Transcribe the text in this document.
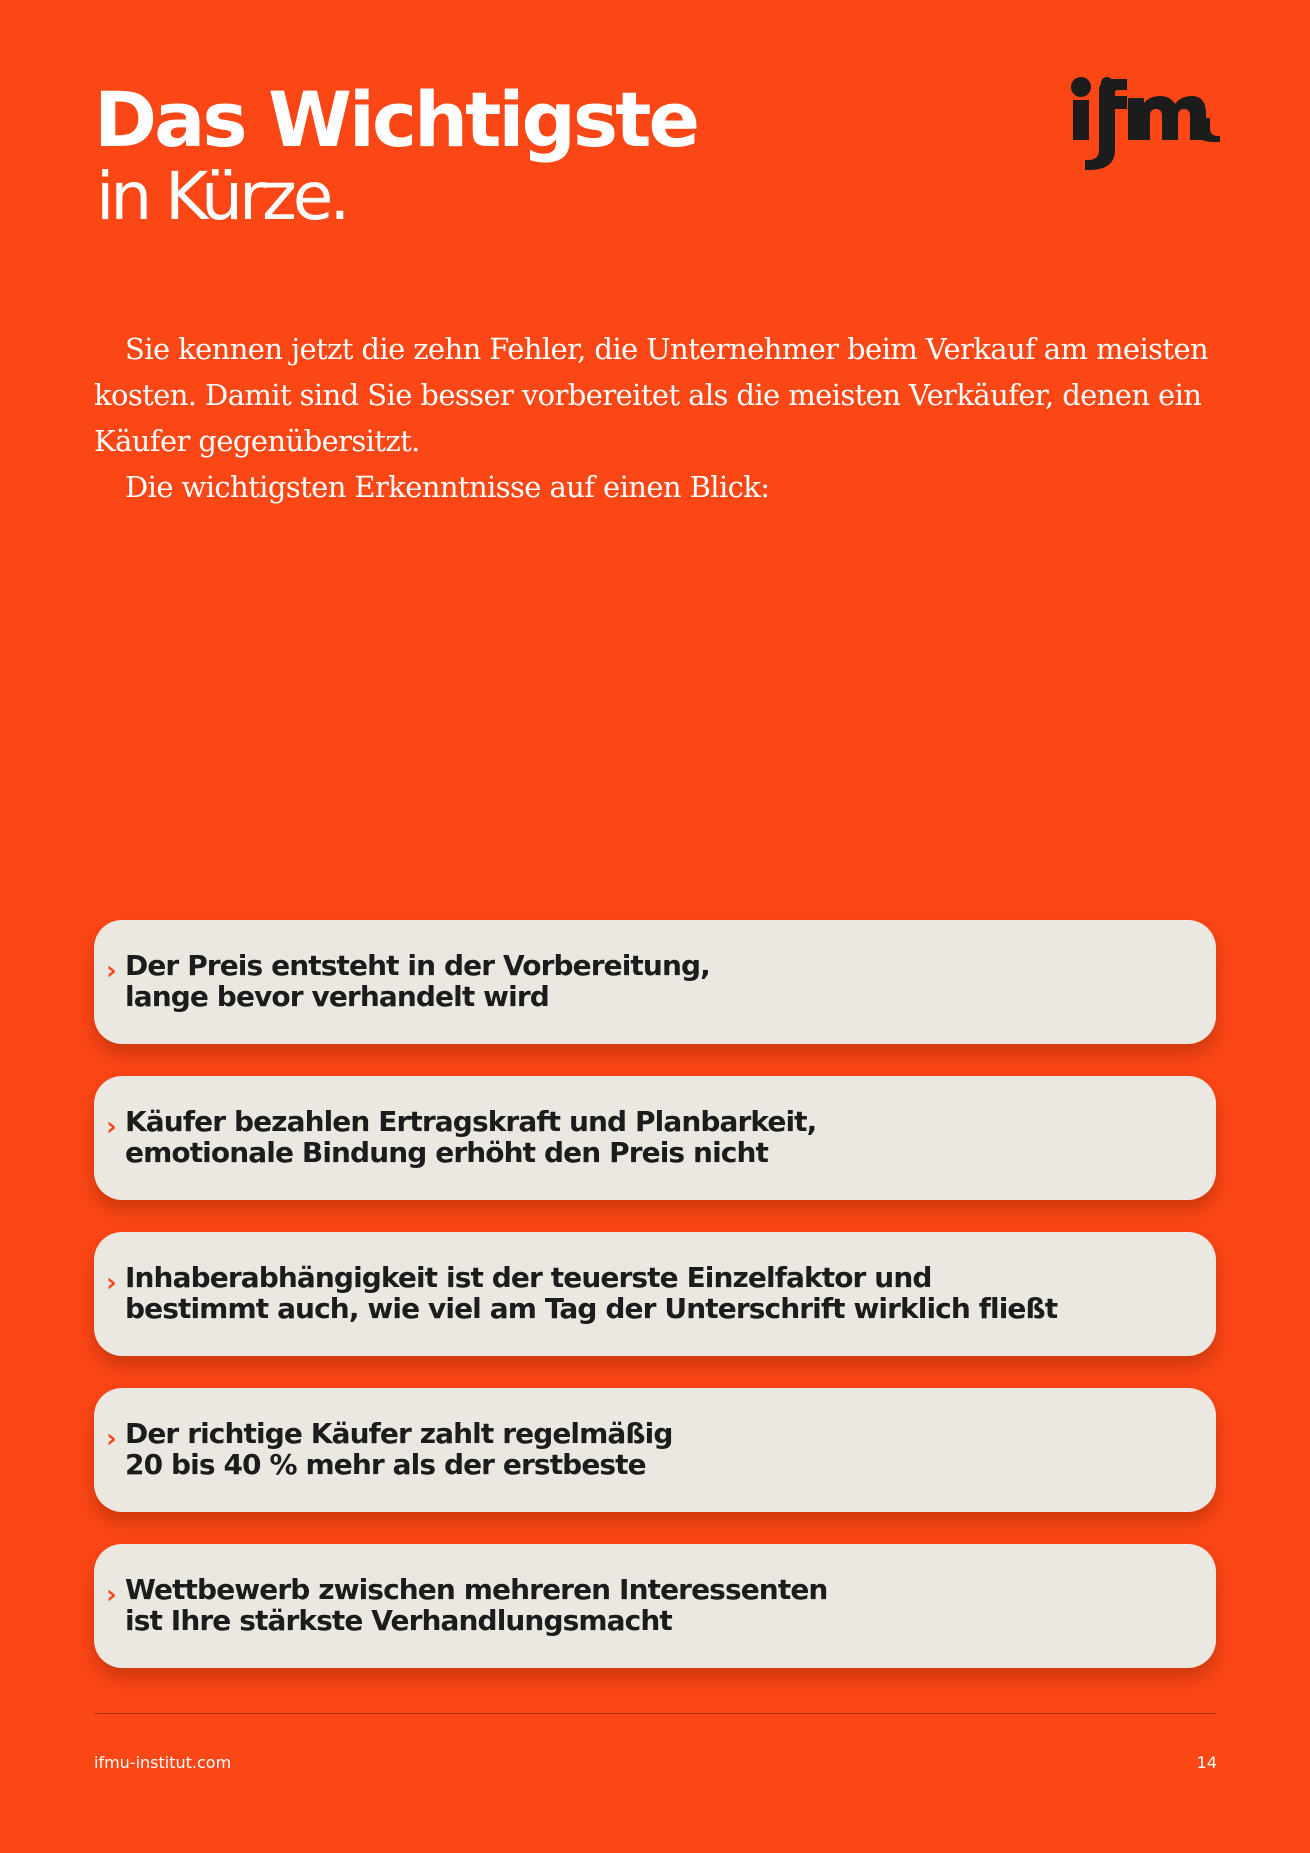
Das Wichtigste
in Kürze.

Sie kennen jetzt die zehn Fehler, die Unternehmer beim Verkauf am meisten kosten. Damit sind Sie besser vorbereitet als die meisten Verkäufer, denen ein Käufer gegenübersitzt.

Die wichtigsten Erkenntnisse auf einen Blick:

› Der Preis entsteht in der Vorbereitung,
lange bevor verhandelt wird
› Käufer bezahlen Ertragskraft und Planbarkeit,
emotionale Bindung erhöht den Preis nicht
› Inhaberabhängigkeit ist der teuerste Einzelfaktor und
bestimmt auch, wie viel am Tag der Unterschrift wirklich fließt
› Der richtige Käufer zahlt regelmäßig
20 bis 40 % mehr als der erstbeste
› Wettbewerb zwischen mehreren Interessenten
ist Ihre stärkste Verhandlungsmacht
ifmu-institut.com	14
